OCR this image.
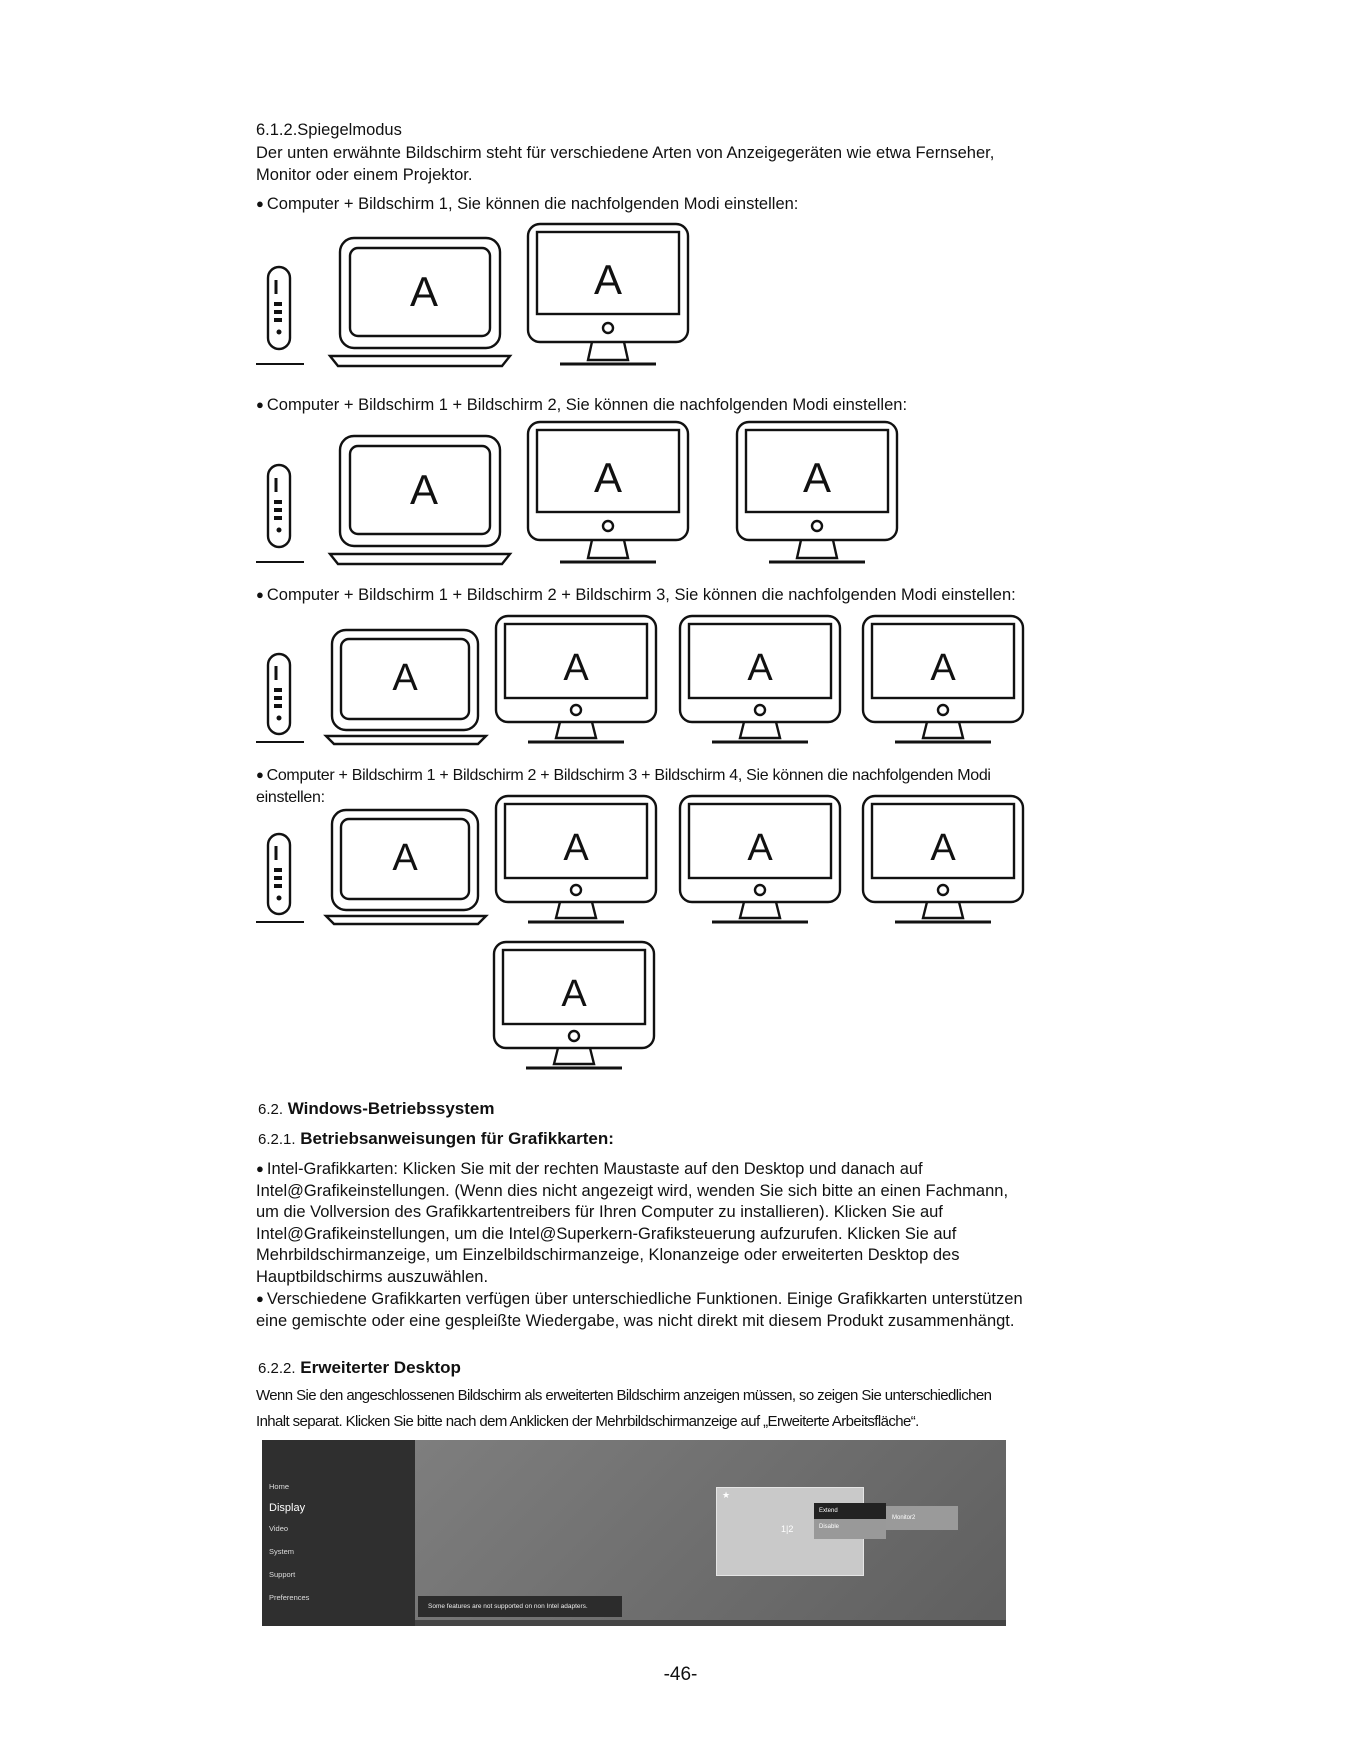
6.1.2.Spiegelmodus
Der unten erwähnte Bildschirm steht für verschiedene Arten von Anzeigegeräten wie etwa Fernseher, Monitor oder einem Projektor.
● Computer + Bildschirm 1, Sie können die nachfolgenden Modi einstellen:
A	A
● Computer + Bildschirm 1 + Bildschirm 2, Sie können die nachfolgenden Modi einstellen:
A	A	A
● Computer + Bildschirm 1 + Bildschirm 2 + Bildschirm 3, Sie können die nachfolgenden Modi einstellen:
A	A	A	A
● Computer + Bildschirm 1 + Bildschirm 2 + Bildschirm 3 + Bildschirm 4, Sie können die nachfolgenden Modi einstellen:
A	A	A	A
A
6.2. Windows-Betriebssystem
6.2.1. Betriebsanweisungen für Grafikkarten:
● Intel-Grafikkarten: Klicken Sie mit der rechten Maustaste auf den Desktop und danach auf Intel@Grafikeinstellungen. (Wenn dies nicht angezeigt wird, wenden Sie sich bitte an einen Fachmann, um die Vollversion des Grafikkartentreibers für Ihren Computer zu installieren). Klicken Sie auf Intel@Grafikeinstellungen, um die Intel@Superkern-Grafiksteuerung aufzurufen. Klicken Sie auf Mehrbildschirmanzeige, um Einzelbildschirmanzeige, Klonanzeige oder erweiterten Desktop des Hauptbildschirms auszuwählen.
● Verschiedene Grafikkarten verfügen über unterschiedliche Funktionen. Einige Grafikkarten unterstützen eine gemischte oder eine gespleißte Wiedergabe, was nicht direkt mit diesem Produkt zusammenhängt.
6.2.2. Erweiterter Desktop
Wenn Sie den angeschlossenen Bildschirm als erweiterten Bildschirm anzeigen müssen, so zeigen Sie unterschiedlichen Inhalt separat. Klicken Sie bitte nach dem Anklicken der Mehrbildschirmanzeige auf „Erweiterte Arbeitsfläche“.
Home
Display
Video
System
Support
Preferences
★
1|2
Extend
Disable
Monitor2
Some features are not supported on non Intel adapters.
-46-
